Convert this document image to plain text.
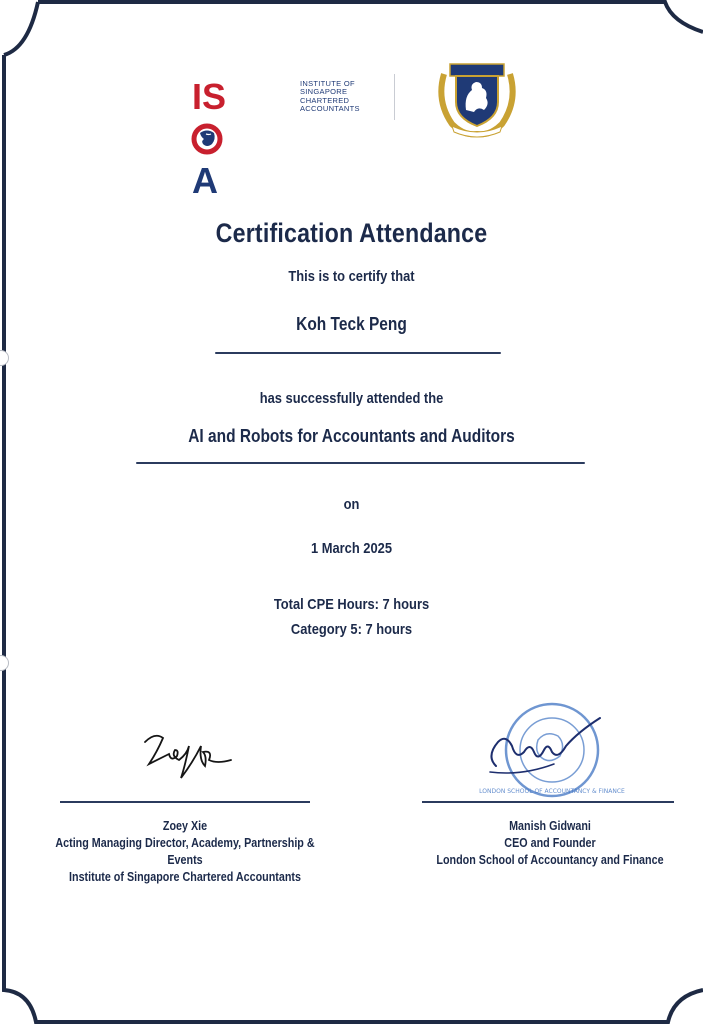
ISA
INSTITUTE OF SINGAPORE CHARTERED ACCOUNTANTS
Certification Attendance
This is to certify that
Koh Teck Peng
has successfully attended the
AI and Robots for Accountants and Auditors
on
1 March 2025
Total CPE Hours: 7 hours
Category 5: 7 hours
Zoey Xie
Acting Managing Director, Academy, Partnership & Events
Institute of Singapore Chartered Accountants
LONDON SCHOOL OF ACCOUNTANCY & FINANCE
Manish Gidwani
CEO and Founder
London School of Accountancy and Finance
